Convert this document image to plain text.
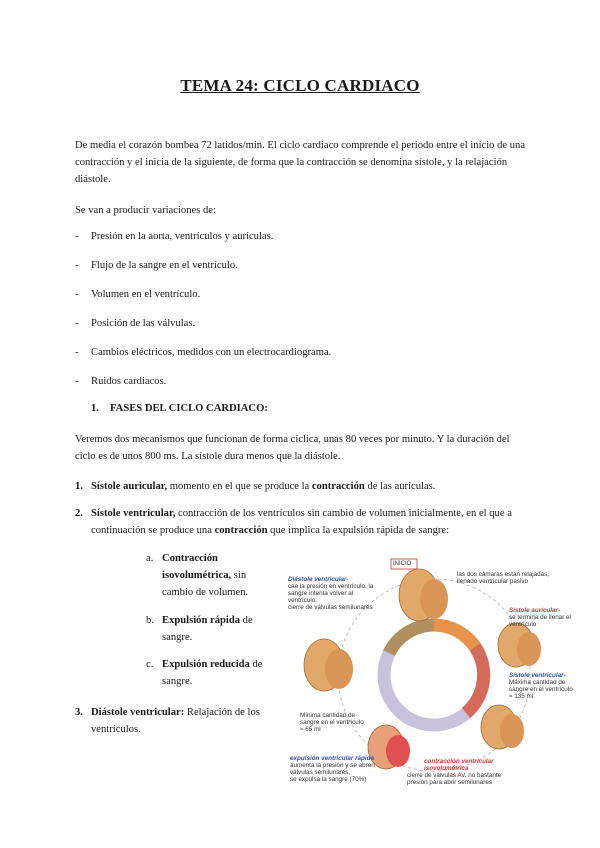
TEMA 24: CICLO CARDIACO
De media el corazón bombea 72 latidos/min. El ciclo cardiaco comprende el periodo entre el inicio de una contracción y el inicia de la siguiente, de forma que la contracción se denomina sístole, y la relajación diástole.
Se van a producir variaciones de:
- Presión en la aorta, ventrículos y aurículas.
- Flujo de la sangre en el ventrículo.
- Volumen en el ventrículo.
- Posición de las válvulas.
- Cambios eléctricos, medidos con un electrocardiograma.
- Ruidos cardiacos.
1. FASES DEL CICLO CARDIACO:
Veremos dos mecanismos que funcionan de forma cíclica, unas 80 veces por minuto. Y la duración del ciclo es de unos 800 ms. La sístole dura menos que la diástole.
1. Sístole auricular, momento en el que se produce la contracción de las aurículas.
2. Sístole ventricular, contracción de los ventrículos sin cambio de volumen inicialmente, en el que a
continuación se produce una contracción que implica la expulsión rápida de sangre:
a. Contracción
isovolumétrica, sin
cambio de volumen.
b. Expulsión rápida de
sangre.
c. Expulsión reducida de
sangre.
3. Diástole ventricular: Relajación de los
ventrículos.
INICIO
las dos cámaras están relajadas,
llenado ventricular pasivo
Diástole ventricular-
cae la presión en ventrículo, la
sangre intenta volver al
ventrículo:
cierre de válvulas semilunares	Sístole auricular-
se termina de llenar el
ventrículo
Sístole ventricular-
Máxima cantidad de
sangre en el ventrículo
≈ 135 ml
Mínima cantidad de
sangre en el ventrículo
≈ 65 ml
expulsión ventricular rápida
aumenta la presión y se abren
válvulas semilunares,
se expulsa la sangre (70%)
contracción ventricular
isovolumétrica
cierre de válvulas AV, no bastante
presión para abrir semilunares
